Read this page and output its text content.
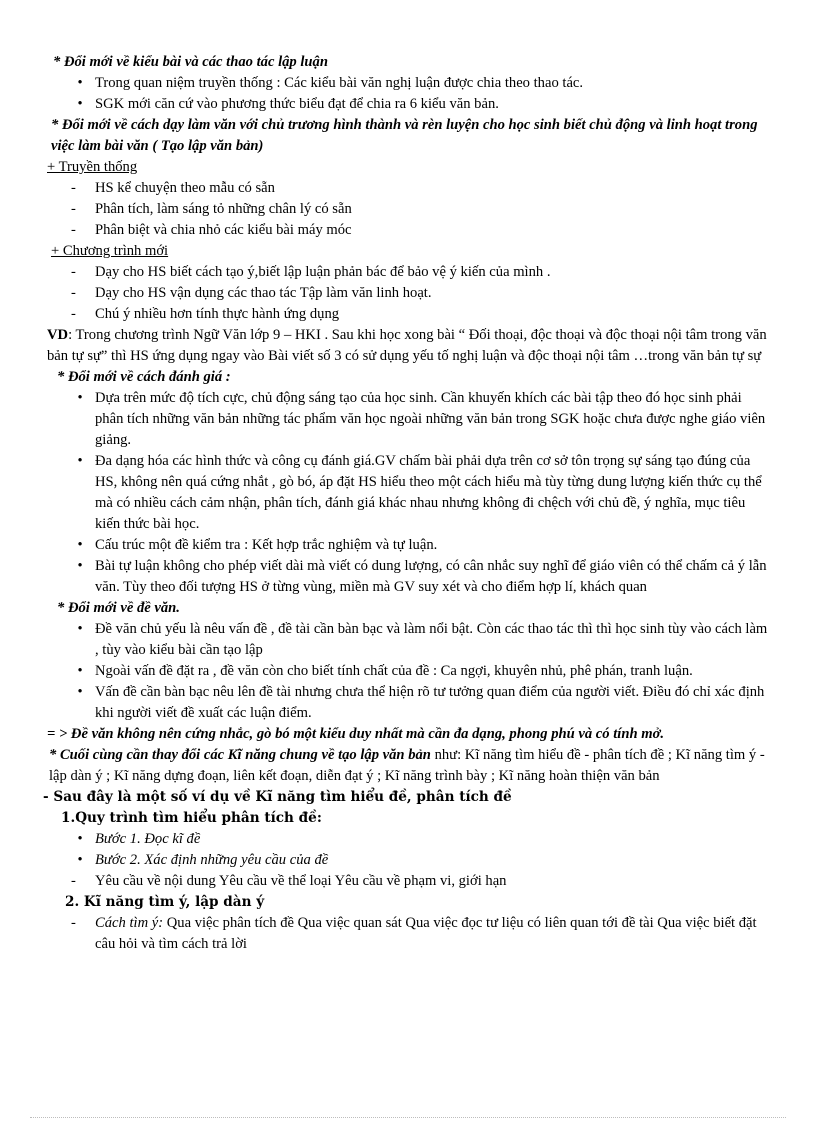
* Đổi mới về kiểu bài và các thao tác lập luận
• Trong quan niệm truyền thống : Các kiểu bài văn nghị luận được chia theo thao tác.
• SGK mới căn cứ vào phương thức biểu đạt để chia ra 6 kiểu văn bản.
* Đổi mới về cách dạy làm văn với chủ trương hình thành và rèn luyện cho học sinh biết chủ động và linh hoạt trong việc làm bài văn ( Tạo lập văn bản)
+ Truyền thống
- HS kể chuyện theo mẫu có sẵn
- Phân tích, làm sáng tỏ những chân lý có sẵn
- Phân biệt và chia nhỏ các kiểu bài máy móc
+ Chương trình mới
- Dạy cho HS biết cách tạo ý,biết lập luận phản bác để bảo vệ ý kiến của mình .
- Dạy cho HS vận dụng các thao tác Tập làm văn linh hoạt.
- Chú ý nhiều hơn tính thực hành ứng dụng
VD: Trong chương trình Ngữ Văn lớp 9 – HKI . Sau khi học xong bài “ Đối thoại, độc thoại và độc thoại nội tâm trong văn bản tự sự” thì HS ứng dụng ngay vào Bài viết số 3 có sử dụng yếu tố nghị luận và độc thoại nội tâm …trong văn bản tự sự
* Đổi mới về cách đánh giá :
• Dựa trên mức độ tích cực, chủ động sáng tạo của học sinh. Cần khuyến khích các bài tập theo đó học sinh phải phân tích những văn bản những tác phẩm văn học ngoài những văn bản trong SGK hoặc chưa được nghe giáo viên giảng.
• Đa dạng hóa các hình thức và công cụ đánh giá.GV chấm bài phải dựa trên cơ sở tôn trọng sự sáng tạo đúng của HS, không nên quá cứng nhắt , gò bó, áp đặt HS hiểu theo một cách hiểu mà tùy từng dung lượng kiến thức cụ thể mà có nhiều cách cảm nhận, phân tích, đánh giá khác nhau nhưng không đi chệch với chủ đề, ý nghĩa, mục tiêu kiến thức bài học.
• Cấu trúc một đề kiểm tra : Kết hợp trắc nghiệm và tự luận.
• Bài tự luận không cho phép viết dài mà viết có dung lượng, có cân nhắc suy nghĩ để giáo viên có thể chấm cả ý lẫn văn. Tùy theo đối tượng HS ở từng vùng, miền mà GV suy xét và cho điểm hợp lí, khách quan
* Đổi mới về đề văn.
• Đề văn chủ yếu là nêu vấn đề , đề tài cần bàn bạc và làm nổi bật. Còn các thao tác thì thì học sinh tùy vào cách làm , tùy vào kiểu bài cần tạo lập
• Ngoài vấn đề đặt ra , đề văn còn cho biết tính chất của đề : Ca ngợi, khuyên nhủ, phê phán, tranh luận.
• Vấn đề cần bàn bạc nêu lên đề tài nhưng chưa thể hiện rõ tư tưởng quan điểm của người viết. Điều đó chỉ xác định khi người viết đề xuất các luận điểm.
= > Đề văn không nên cứng nhắc, gò bó một kiểu duy nhất mà cần đa dạng, phong phú và có tính mở.
* Cuối cùng cần thay đổi các Kĩ năng chung về tạo lập văn bản như: Kĩ năng tìm hiểu đề - phân tích đề ; Kĩ năng tìm ý - lập dàn ý ; Kĩ năng dựng đoạn, liên kết đoạn, diễn đạt ý ; Kĩ năng trình bày ; Kĩ năng hoàn thiện văn bản
- Sau đây là một số ví dụ về Kĩ năng tìm hiểu đề, phân tích đề
1.Quy trình tìm hiểu phân tích đề:
• Bước 1. Đọc kĩ đề
• Bước 2. Xác định những yêu cầu của đề
- Yêu cầu về nội dung Yêu cầu về thể loại Yêu cầu về phạm vi, giới hạn
2. Kĩ năng tìm ý, lập dàn ý
- Cách tìm ý: Qua việc phân tích đề Qua việc quan sát Qua việc đọc tư liệu có liên quan tới đề tài Qua việc biết đặt câu hỏi và tìm cách trả lời
